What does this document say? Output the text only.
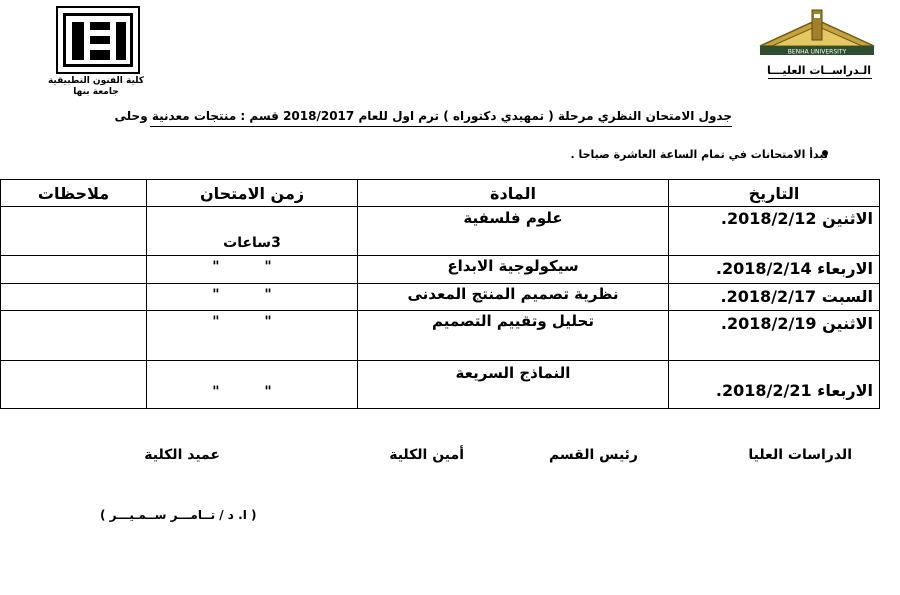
كلية الفنون التطبيقية
جامعة بنها
BENHA UNIVERSITY
الـدراســات العليـــا
جدول الامتحان النظري مرحلة ( تمهيدي دكتوراه ) ترم اول للعام 2018/2017 قسم : منتجات معدنية وحلى
تبدأ الامتحانات في تمام الساعة العاشرة صباحا .
التاريخ	المادة	زمن الامتحان	ملاحظات
الاثنين 2018/2/12.	علوم فلسفية	3ساعات	
الاربعاء 2018/2/14.	سيكولوجية الابداع	" "	
السبت 2018/2/17.	نظرية تصميم المنتج المعدنى	" "	
الاثنين 2018/2/19.	تحليل وتقييم التصميم	" "	
الاربعاء 2018/2/21.	النماذج السريعة	" "	
الدراسات العليا
رئيس القسم
أمين الكلية
عميد الكلية
( ا. د / تــامـــر ســمـيـــر )
